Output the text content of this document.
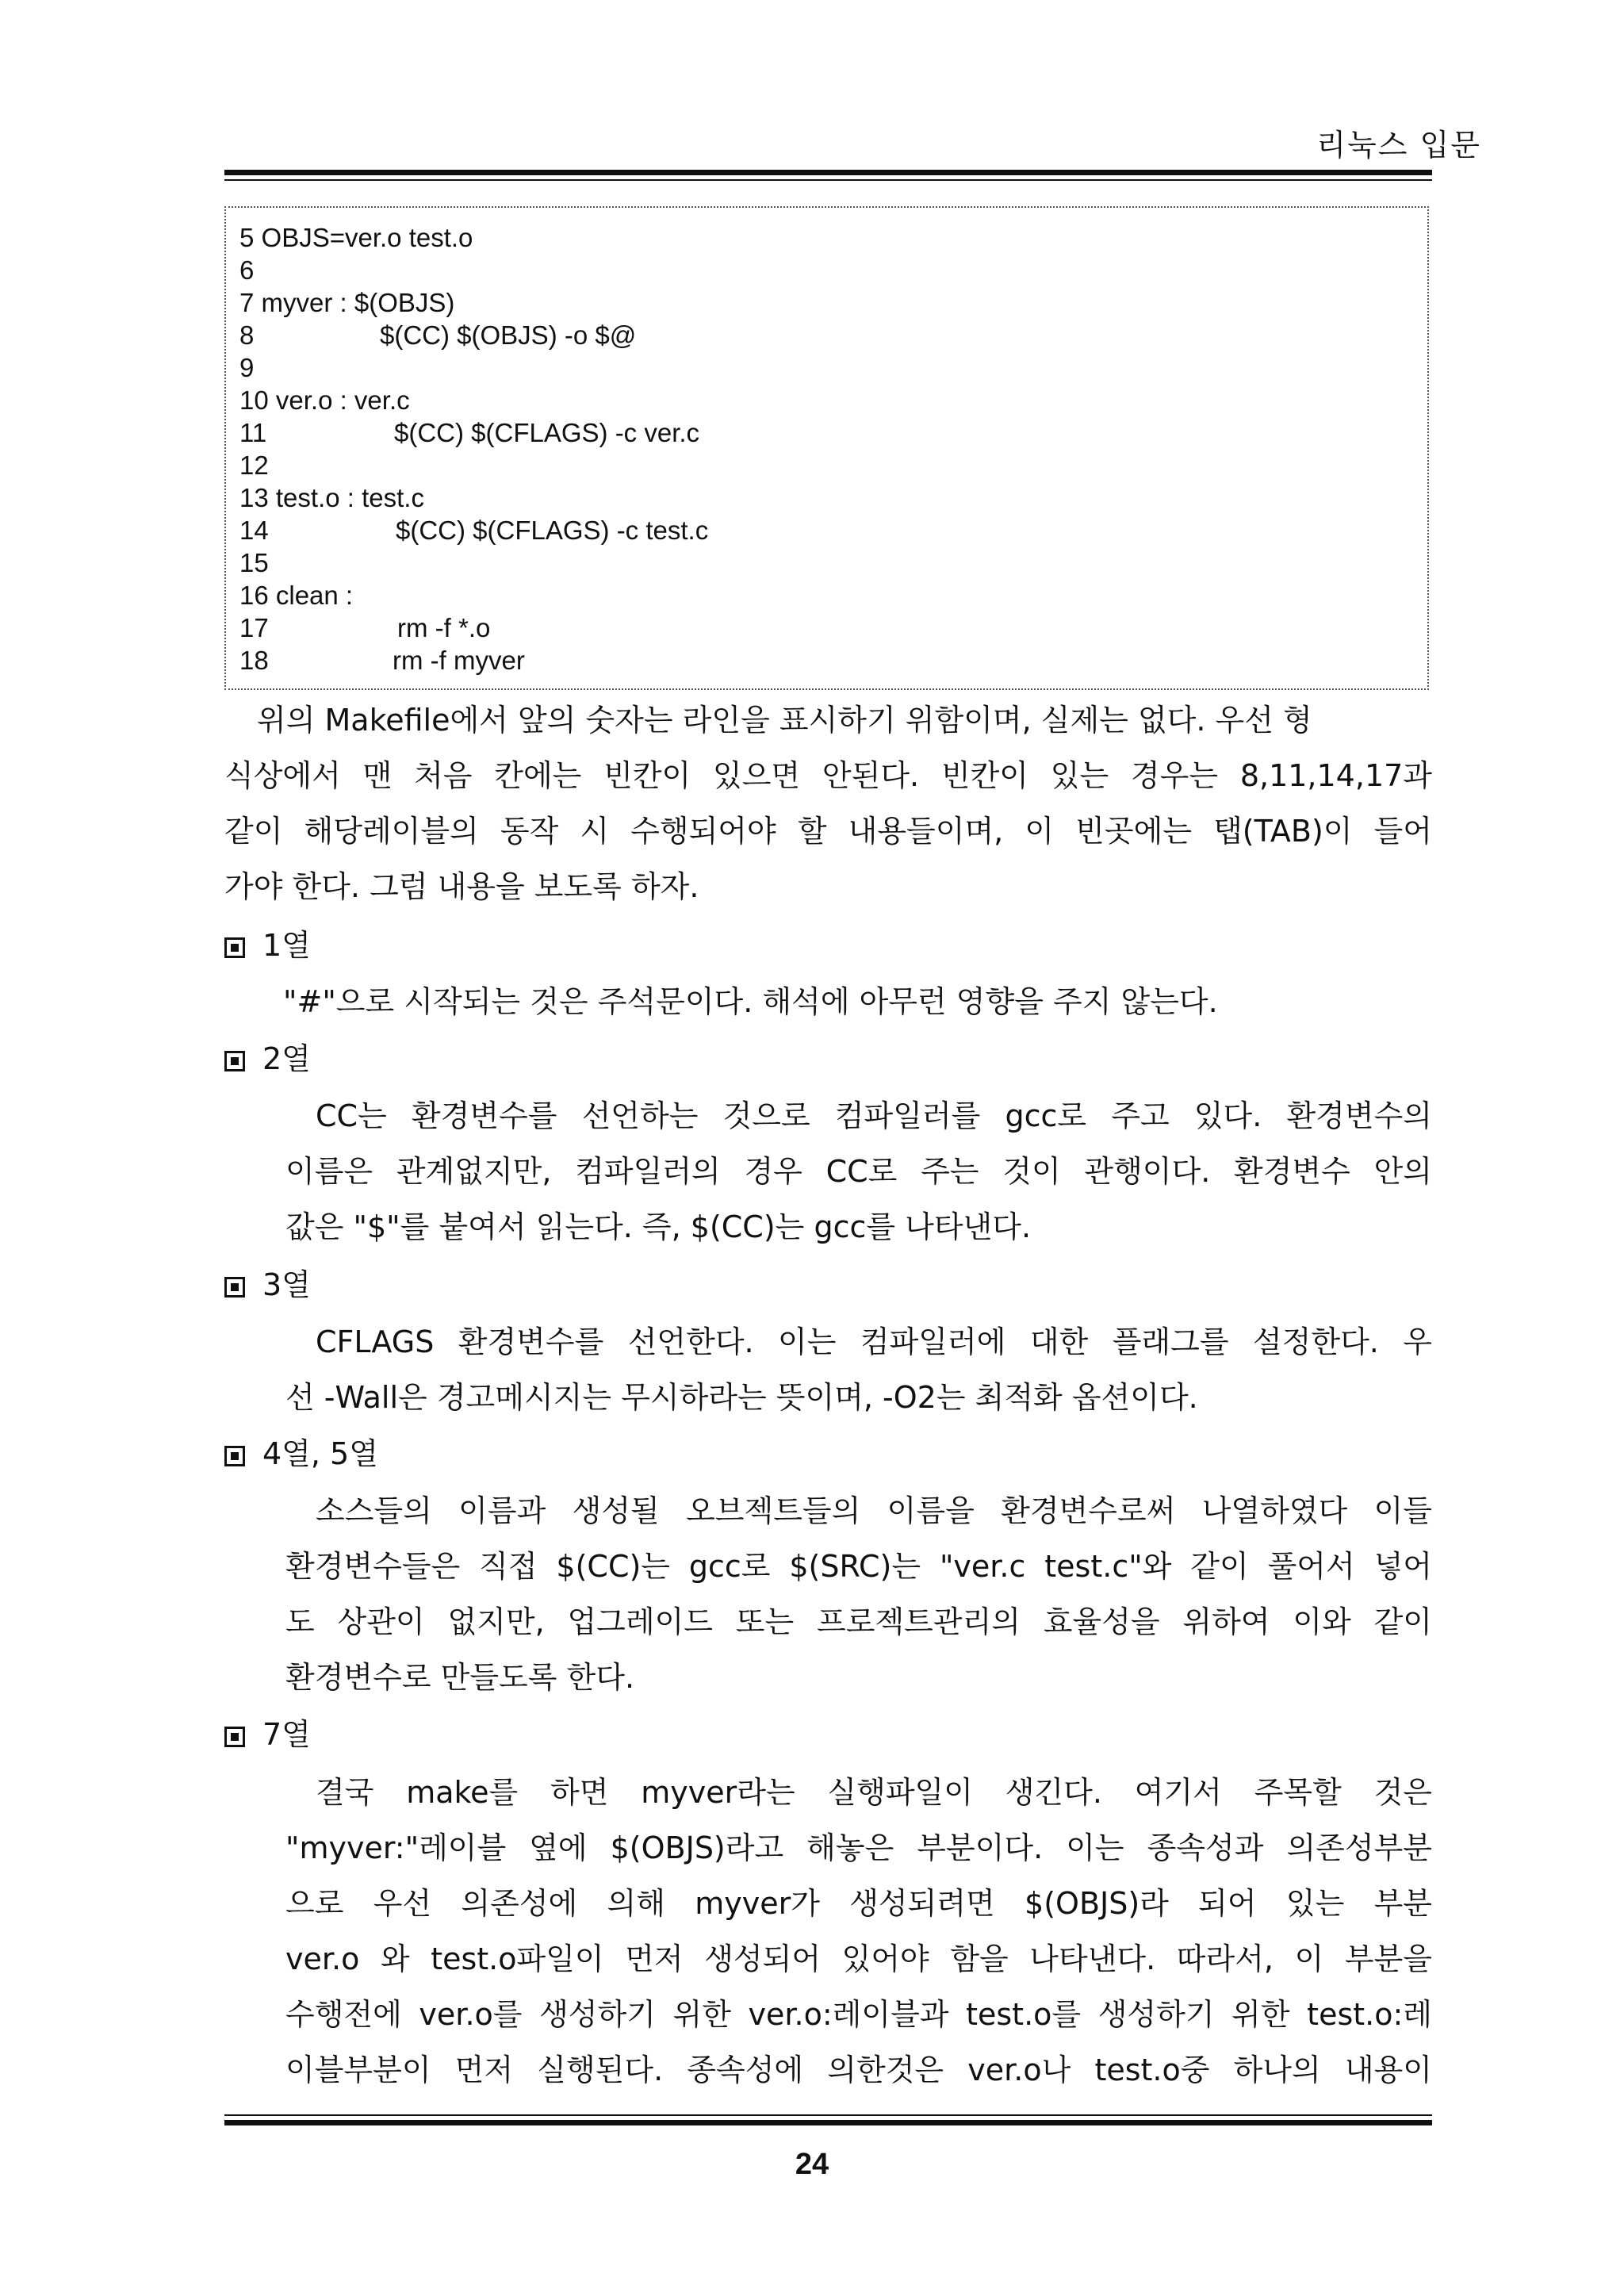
리눅스 입문
5 OBJS=ver.o test.o
6
7 myver : $(OBJS)
8	$(CC) $(OBJS) -o $@
9
10 ver.o : ver.c
11	$(CC) $(CFLAGS) -c ver.c
12
13 test.o : test.c
14	$(CC) $(CFLAGS) -c test.c
15
16 clean :
17	rm -f *.o
18	rm -f myver
위의 Makefile에서 앞의 숫자는 라인을 표시하기 위함이며, 실제는 없다. 우선 형
식상에서 맨 처음 칸에는 빈칸이 있으면 안된다. 빈칸이 있는 경우는 8,11,14,17과
같이 해당레이블의 동작 시 수행되어야 할 내용들이며, 이 빈곳에는 탭(TAB)이 들어
가야 한다. 그럼 내용을 보도록 하자.
1열
"#"으로 시작되는 것은 주석문이다. 해석에 아무런 영향을 주지 않는다.
2열
CC는 환경변수를 선언하는 것으로 컴파일러를 gcc로 주고 있다. 환경변수의
이름은 관계없지만, 컴파일러의 경우 CC로 주는 것이 관행이다. 환경변수 안의
값은 "$"를 붙여서 읽는다. 즉, $(CC)는 gcc를 나타낸다.
3열
CFLAGS 환경변수를 선언한다. 이는 컴파일러에 대한 플래그를 설정한다. 우
선 -Wall은 경고메시지는 무시하라는 뜻이며, -O2는 최적화 옵션이다.
4열, 5열
소스들의 이름과 생성될 오브젝트들의 이름을 환경변수로써 나열하였다 이들
환경변수들은 직접 $(CC)는 gcc로 $(SRC)는 "ver.c test.c"와 같이 풀어서 넣어
도 상관이 없지만, 업그레이드 또는 프로젝트관리의 효율성을 위하여 이와 같이
환경변수로 만들도록 한다.
7열
결국 make를 하면 myver라는 실행파일이 생긴다. 여기서 주목할 것은
"myver:"레이블 옆에 $(OBJS)라고 해놓은 부분이다. 이는 종속성과 의존성부분
으로 우선 의존성에 의해 myver가 생성되려면 $(OBJS)라 되어 있는 부분
ver.o 와 test.o파일이 먼저 생성되어 있어야 함을 나타낸다. 따라서, 이 부분을
수행전에 ver.o를 생성하기 위한 ver.o:레이블과 test.o를 생성하기 위한 test.o:레
이블부분이 먼저 실행된다. 종속성에 의한것은 ver.o나 test.o중 하나의 내용이
24
